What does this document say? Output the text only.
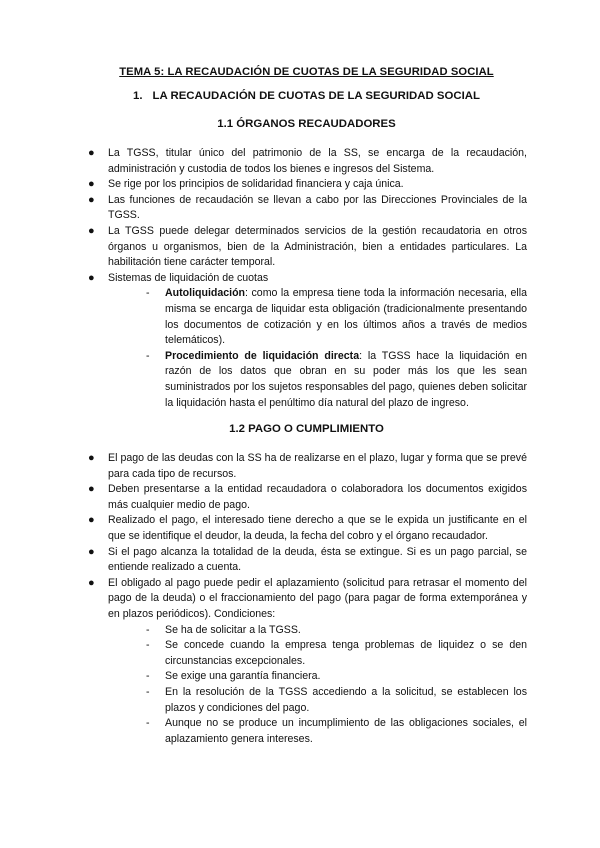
TEMA 5: LA RECAUDACIÓN DE CUOTAS DE LA SEGURIDAD SOCIAL
1. LA RECAUDACIÓN DE CUOTAS DE LA SEGURIDAD SOCIAL
1.1 ÓRGANOS RECAUDADORES
● La TGSS, titular único del patrimonio de la SS, se encarga de la recaudación, administración y custodia de todos los bienes e ingresos del Sistema.
● Se rige por los principios de solidaridad financiera y caja única.
● Las funciones de recaudación se llevan a cabo por las Direcciones Provinciales de la TGSS.
● La TGSS puede delegar determinados servicios de la gestión recaudatoria en otros órganos u organismos, bien de la Administración, bien a entidades particulares. La habilitación tiene carácter temporal.
● Sistemas de liquidación de cuotas
- Autoliquidación: como la empresa tiene toda la información necesaria, ella misma se encarga de liquidar esta obligación (tradicionalmente presentando los documentos de cotización y en los últimos años a través de medios telemáticos).
- Procedimiento de liquidación directa: la TGSS hace la liquidación en razón de los datos que obran en su poder más los que les sean suministrados por los sujetos responsables del pago, quienes deben solicitar la liquidación hasta el penúltimo día natural del plazo de ingreso.
1.2 PAGO O CUMPLIMIENTO
● El pago de las deudas con la SS ha de realizarse en el plazo, lugar y forma que se prevé para cada tipo de recursos.
● Deben presentarse a la entidad recaudadora o colaboradora los documentos exigidos más cualquier medio de pago.
● Realizado el pago, el interesado tiene derecho a que se le expida un justificante en el que se identifique el deudor, la deuda, la fecha del cobro y el órgano recaudador.
● Si el pago alcanza la totalidad de la deuda, ésta se extingue. Si es un pago parcial, se entiende realizado a cuenta.
● El obligado al pago puede pedir el aplazamiento (solicitud para retrasar el momento del pago de la deuda) o el fraccionamiento del pago (para pagar de forma extemporánea y en plazos periódicos). Condiciones:
- Se ha de solicitar a la TGSS.
- Se concede cuando la empresa tenga problemas de liquidez o se den circunstancias excepcionales.
- Se exige una garantía financiera.
- En la resolución de la TGSS accediendo a la solicitud, se establecen los plazos y condiciones del pago.
- Aunque no se produce un incumplimiento de las obligaciones sociales, el aplazamiento genera intereses.
